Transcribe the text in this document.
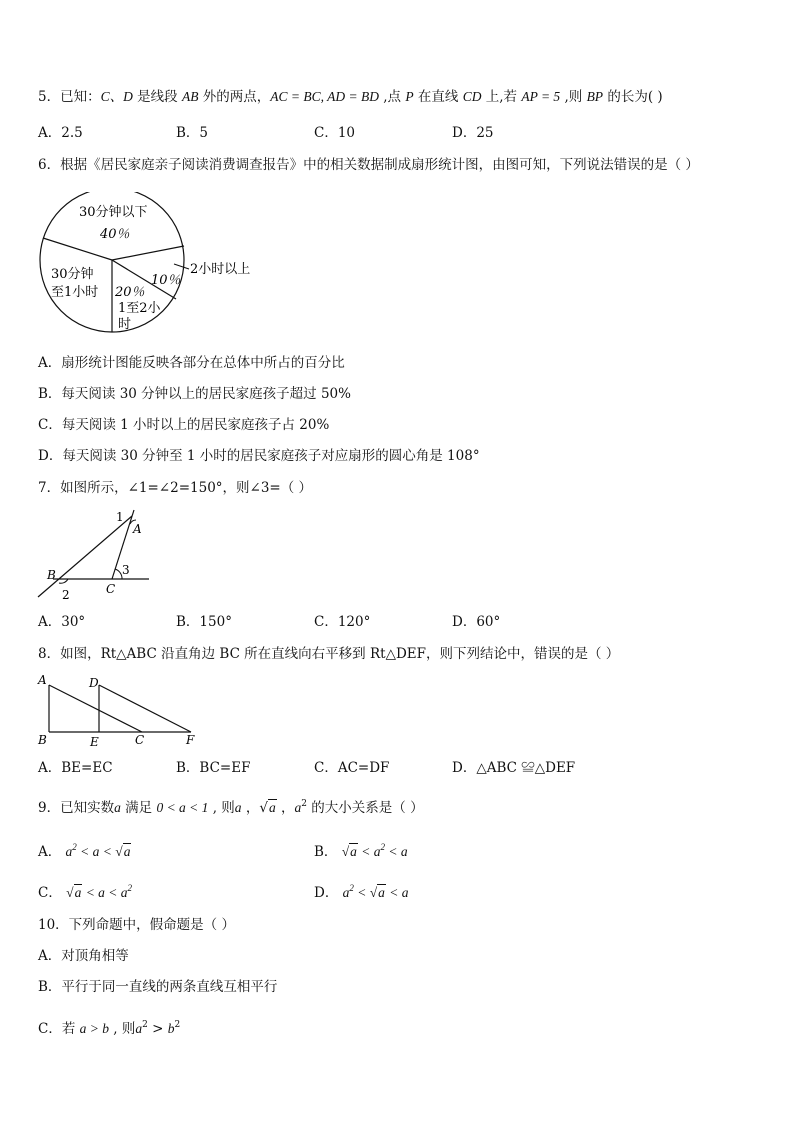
5．已知：C、D 是线段 AB 外的两点，AC = BC, AD = BD ,点 P 在直线 CD 上,若 AP = 5 ,则 BP 的长为( )
A．2.5	B．5	C．10	D．25
6．根据《居民家庭亲子阅读消费调查报告》中的相关数据制成扇形统计图，由图可知，下列说法错误的是（ ）
30分钟以下
40％
30分钟
至1小时 20％
1至2小
时
10％
2小时以上
A．扇形统计图能反映各部分在总体中所占的百分比
B．每天阅读 30 分钟以上的居民家庭孩子超过 50%
C．每天阅读 1 小时以上的居民家庭孩子占 20%
D．每天阅读 30 分钟至 1 小时的居民家庭孩子对应扇形的圆心角是 108°
7．如图所示，∠1=∠2=150°，则∠3=（ ）
1
A
3
B
C
2
A．30°	B．150°	C．120°	D．60°
8．如图，Rt△ABC 沿直角边 BC 所在直线向右平移到 Rt△DEF，则下列结论中，错误的是（ ）
A	D
B	E	C	F
A．BE=EC	B．BC=EF	C．AC=DF	D．△ABC ≌△DEF
9．已知实数a 满足 0 < a < 1 , 则a ，√a ，$a^2$ 的大小关系是（ ）
A． $a^2 < a < √a$	B． $√a < a^2 < a$
C． $√a < a < a^2$	D． $a^2 < √a < a$
10．下列命题中，假命题是（ ）
A．对顶角相等
B．平行于同一直线的两条直线互相平行
C．若 a > b , 则$a^2 > b^2$
